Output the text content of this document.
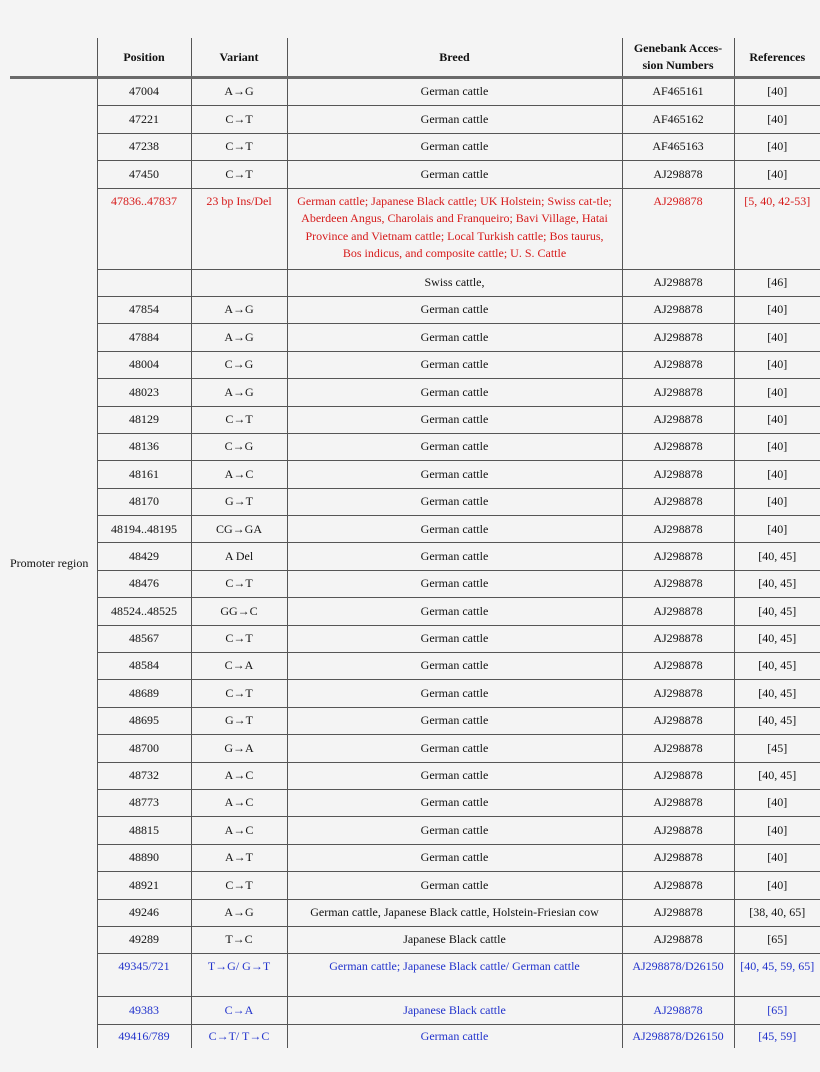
	Position	Variant	Breed	Genebank Acces-sion Numbers	References
Promoter region	47004	A→G	German cattle	AF465161	[40]
	47221	C→T	German cattle	AF465162	[40]
	47238	C→T	German cattle	AF465163	[40]
	47450	C→T	German cattle	AJ298878	[40]
	47836..47837	23 bp Ins/Del	German cattle; Japanese Black cattle; UK Holstein; Swiss cat-tle; Aberdeen Angus, Charolais and Franqueiro; Bavi Village, Hatai Province and Vietnam cattle; Local Turkish cattle; Bos taurus, Bos indicus, and composite cattle; U. S. Cattle	AJ298878	[5, 40, 42-53]
			Swiss cattle,	AJ298878	[46]
	47854	A→G	German cattle	AJ298878	[40]
	47884	A→G	German cattle	AJ298878	[40]
	48004	C→G	German cattle	AJ298878	[40]
	48023	A→G	German cattle	AJ298878	[40]
	48129	C→T	German cattle	AJ298878	[40]
	48136	C→G	German cattle	AJ298878	[40]
	48161	A→C	German cattle	AJ298878	[40]
	48170	G→T	German cattle	AJ298878	[40]
	48194..48195	CG→GA	German cattle	AJ298878	[40]
	48429	A Del	German cattle	AJ298878	[40, 45]
	48476	C→T	German cattle	AJ298878	[40, 45]
	48524..48525	GG→C	German cattle	AJ298878	[40, 45]
	48567	C→T	German cattle	AJ298878	[40, 45]
	48584	C→A	German cattle	AJ298878	[40, 45]
	48689	C→T	German cattle	AJ298878	[40, 45]
	48695	G→T	German cattle	AJ298878	[40, 45]
	48700	G→A	German cattle	AJ298878	[45]
	48732	A→C	German cattle	AJ298878	[40, 45]
	48773	A→C	German cattle	AJ298878	[40]
	48815	A→C	German cattle	AJ298878	[40]
	48890	A→T	German cattle	AJ298878	[40]
	48921	C→T	German cattle	AJ298878	[40]
	49246	A→G	German cattle, Japanese Black cattle, Holstein-Friesian cow	AJ298878	[38, 40, 65]
	49289	T→C	Japanese Black cattle	AJ298878	[65]
	49345/721	T→G/ G→T	German cattle; Japanese Black cattle/ German cattle	AJ298878/D26150	[40, 45, 59, 65]
	49383	C→A	Japanese Black cattle	AJ298878	[65]
	49416/789	C→T/ T→C	German cattle	AJ298878/D26150	[45, 59]
